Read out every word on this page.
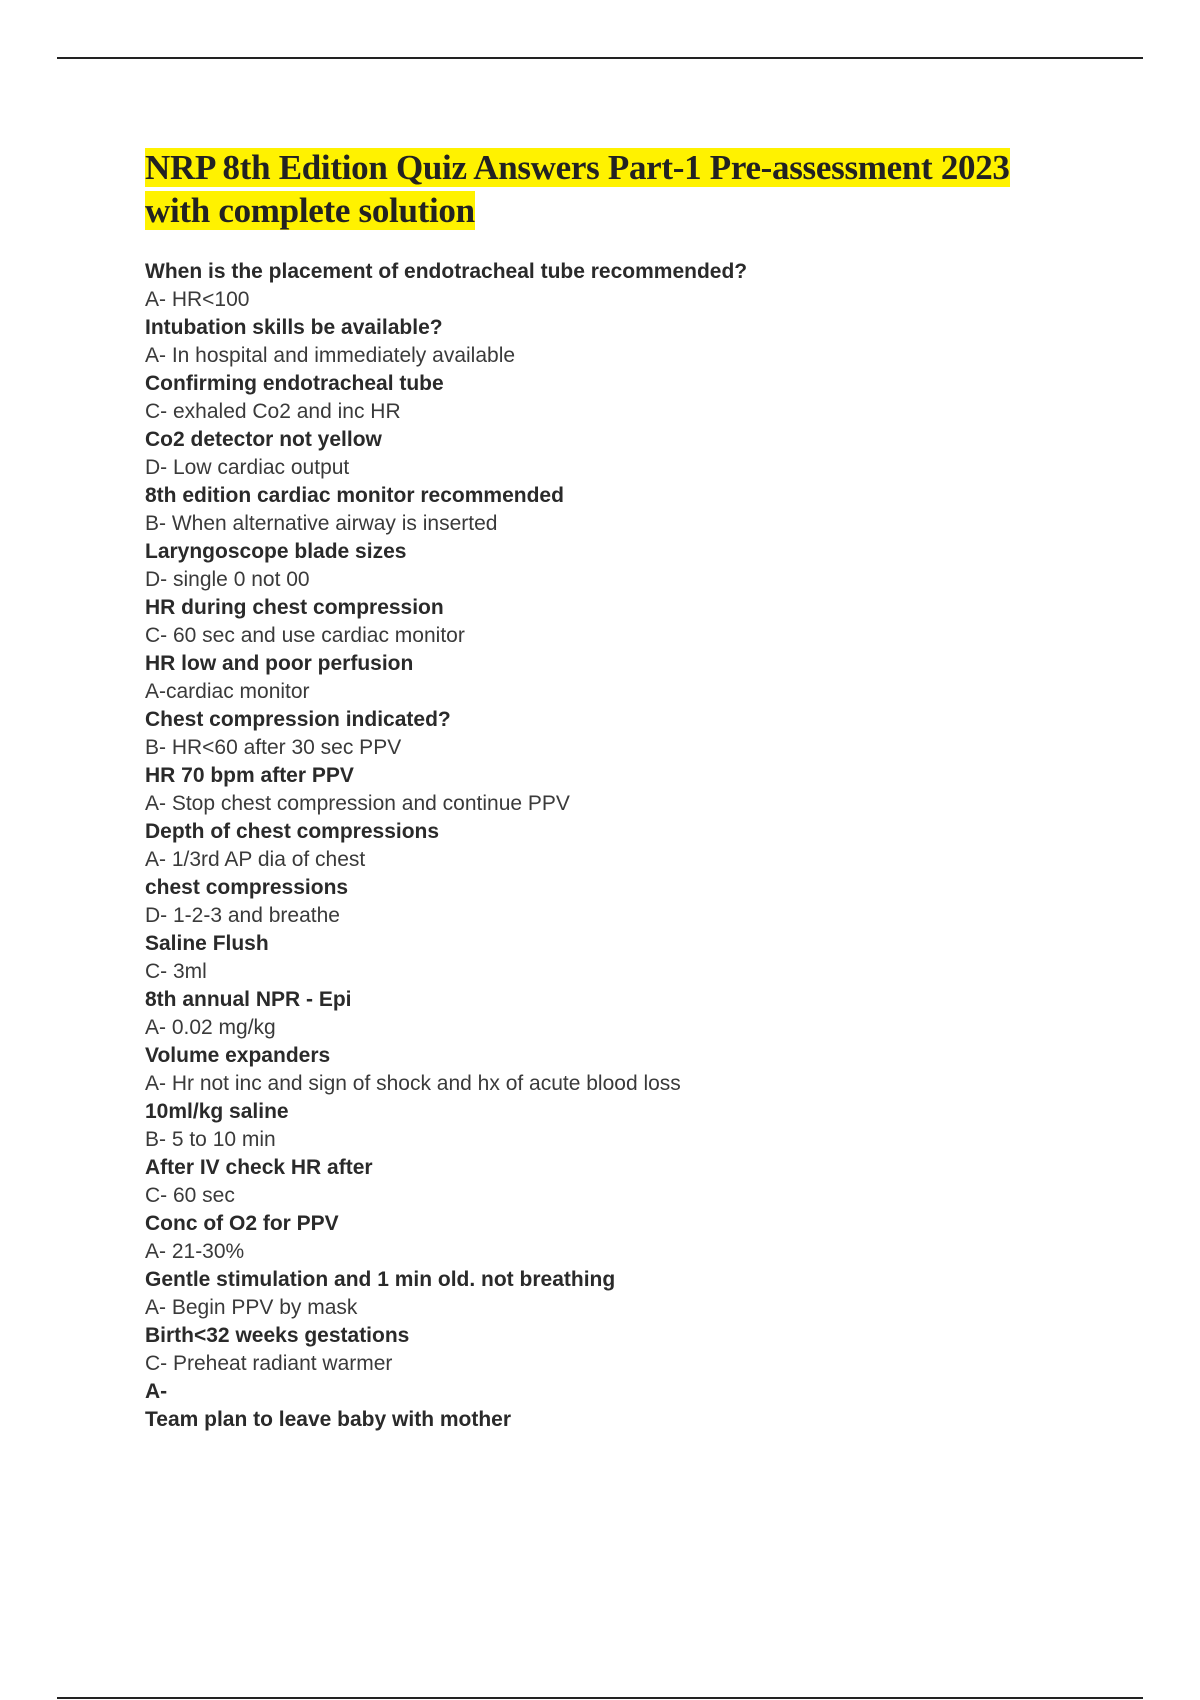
NRP 8th Edition Quiz Answers Part-1 Pre-assessment 2023
with complete solution
When is the placement of endotracheal tube recommended?
A- HR<100
Intubation skills be available?
A- In hospital and immediately available
Confirming endotracheal tube
C- exhaled Co2 and inc HR
Co2 detector not yellow
D- Low cardiac output
8th edition cardiac monitor recommended
B- When alternative airway is inserted
Laryngoscope blade sizes
D- single 0 not 00
HR during chest compression
C- 60 sec and use cardiac monitor
HR low and poor perfusion
A-cardiac monitor
Chest compression indicated?
B- HR<60 after 30 sec PPV
HR 70 bpm after PPV
A- Stop chest compression and continue PPV
Depth of chest compressions
A- 1/3rd AP dia of chest
chest compressions
D- 1-2-3 and breathe
Saline Flush
C- 3ml
8th annual NPR - Epi
A- 0.02 mg/kg
Volume expanders
A- Hr not inc and sign of shock and hx of acute blood loss
10ml/kg saline
B- 5 to 10 min
After IV check HR after
C- 60 sec
Conc of O2 for PPV
A- 21-30%
Gentle stimulation and 1 min old. not breathing
A- Begin PPV by mask
Birth<32 weeks gestations
C- Preheat radiant warmer
A-
Team plan to leave baby with mother
